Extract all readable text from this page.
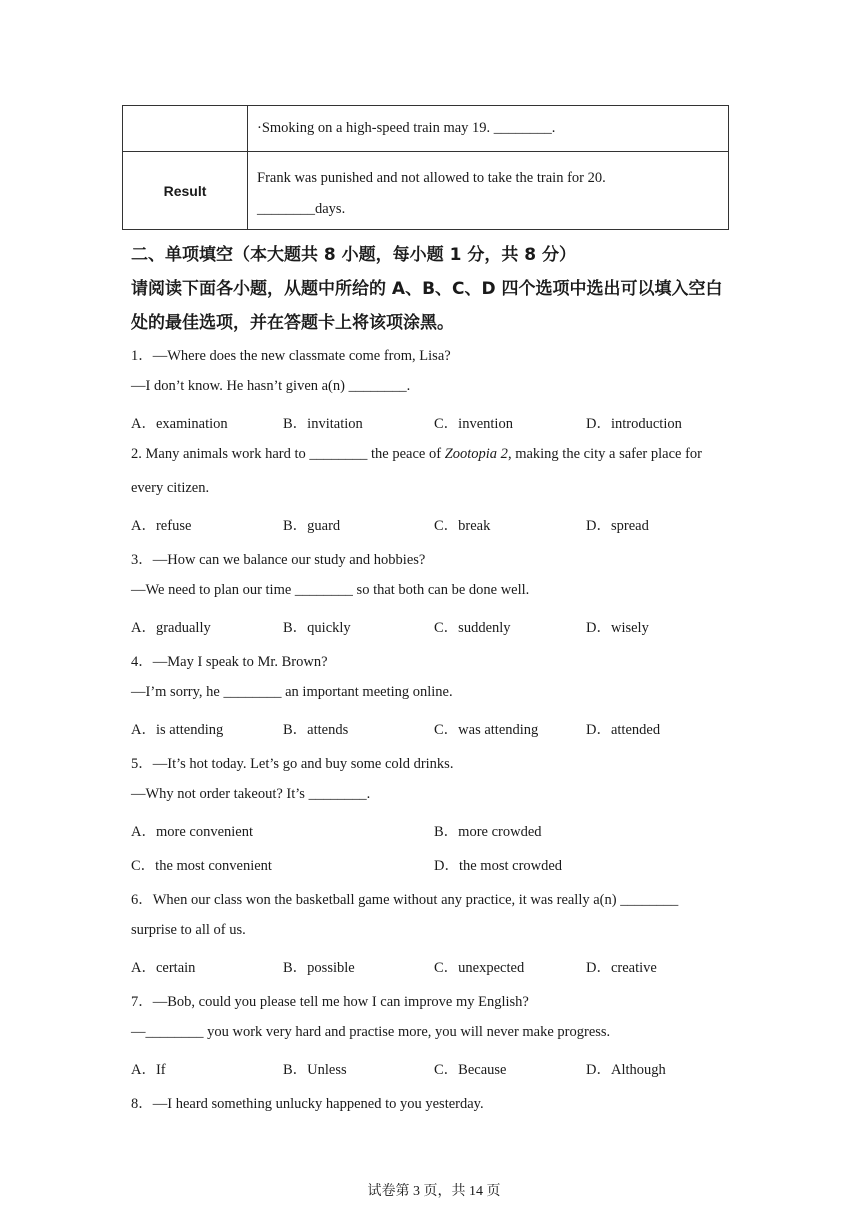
	·Smoking on a high-speed train may 19. ________.
Result	Frank was punished and not allowed to take the train for 20.
________days.
二、单项填空（本大题共 8 小题，每小题 1 分，共 8 分）
请阅读下面各小题，从题中所给的 A、B、C、D 四个选项中选出可以填入空白
处的最佳选项，并在答题卡上将该项涂黑。
1．—Where does the new classmate come from, Lisa?
—I don’t know. He hasn’t given a(n) ________.
A．examination	B．invitation	C．invention	D．introduction
2. Many animals work hard to ________ the peace of Zootopia 2, making the city a safer place for
every citizen.
A．refuse	B．guard	C．break	D．spread
3．—How can we balance our study and hobbies?
—We need to plan our time ________ so that both can be done well.
A．gradually	B．quickly	C．suddenly	D．wisely
4．—May I speak to Mr. Brown?
—I’m sorry, he ________ an important meeting online.
A．is attending	B．attends	C．was attending	D．attended
5．—It’s hot today. Let’s go and buy some cold drinks.
—Why not order takeout? It’s ________.
A．more convenient	B．more crowded
C．the most convenient	D．the most crowded
6．When our class won the basketball game without any practice, it was really a(n) ________
surprise to all of us.
A．certain	B．possible	C．unexpected	D．creative
7．—Bob, could you please tell me how I can improve my English?
—________ you work very hard and practise more, you will never make progress.
A．If	B．Unless	C．Because	D．Although
8．—I heard something unlucky happened to you yesterday.
试卷第 3 页，共 14 页
